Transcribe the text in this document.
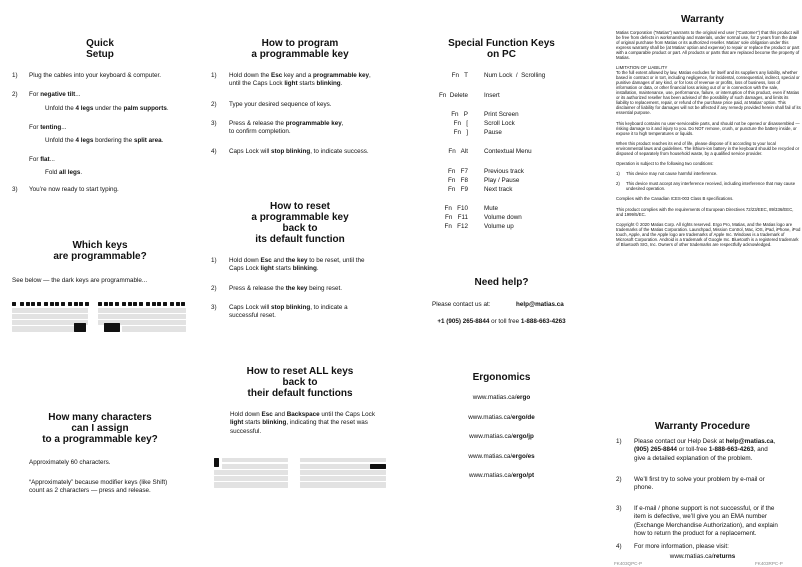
Quick
Setup
1) Plug the cables into your keyboard & computer.
2) For negative tilt...
Unfold the 4 legs under the palm supports.
For tenting...
Unfold the 4 legs bordering the split area.
For flat...
Fold all legs.
3) You’re now ready to start typing.
Which keys
are programmable?
See below — the dark keys are programmable...
How many characters
can I assign
to a programmable key?
Approximately 60 characters.
“Approximately” because modifier keys (like Shift)
count as 2 characters — press and release.
How to program
a programmable key
1) Hold down the Esc key and a programmable key,
until the Caps Lock light starts blinking.
2) Type your desired sequence of keys.
3) Press & release the programmable key,
to confirm completion.
4) Caps Lock will stop blinking, to indicate success.
How to reset
a programmable key
back to
its default function
1) Hold down Esc and the key to be reset, until the
Caps Lock light starts blinking.
2) Press & release the the key being reset.
3) Caps Lock will stop blinking, to indicate a
successful reset.
How to reset ALL keys
back to
their default functions
Hold down Esc and Backspace until the Caps Lock
light starts blinking, indicating that the reset was
successful.
Special Function Keys
on PC
Fn   T	Num Lock  /  Scrolling
Fn  Delete	Insert
Fn   P	Print Screen
Fn   [	Scroll Lock
Fn   ]	Pause
Fn   Alt	Contextual Menu
Fn   F7	Previous track
Fn   F8	Play / Pause
Fn   F9	Next track
Fn   F10	Mute
Fn   F11	Volume down
Fn   F12	Volume up
Need help?
Please contact us at:	help@matias.ca
+1 (905) 265-8844 or toll free 1-888-663-4263
Ergonomics
www.matias.ca/ergo
www.matias.ca/ergo/de
www.matias.ca/ergo/jp
www.matias.ca/ergo/es
www.matias.ca/ergo/pt
Warranty
Matias Corporation (“Matias”) warrants to the original end user (“Customer”) that this product will be free from defects in workmanship and materials, under normal use, for 2 years from the date of original purchase from Matias or its authorized reseller. Matias’ sole obligation under this express warranty shall be (at Matias’ option and expense) to repair or replace the product or part with a comparable product or part. All products or parts that are replaced become the property of Matias.
LIMITATION OF LIABILITY
To the full extent allowed by law, Matias excludes for itself and its suppliers any liability, whether based in contract or in tort, including negligence, for incidental, consequential, indirect, special or punitive damages of any kind, or for loss of revenue or profits, loss of business, loss of information or data, or other financial loss arising out of or in connection with the sale, installation, maintenance, use, performance, failure, or interruption of this product, even if Matias or its authorized reseller has been advised of the possibility of such damages, and limits its liability to replacement, repair, or refund of the purchase price paid, at Matias’ option. This disclaimer of liability for damages will not be affected if any remedy provided herein shall fail of its essential purpose.
This keyboard contains no user-serviceable parts, and should not be opened or disassembled — risking damage to it and injury to you. Do NOT remove, crush, or puncture the battery inside, or expose it to high temperatures or liquids.
When this product reaches its end of life, please dispose of it according to your local environmental laws and guidelines. The lithium-ion battery in the keyboard should be recycled or disposed of separately from household waste, by a qualified service provider.
Operation is subject to the following two conditions:
1) This device may not cause harmful interference.
2) This device must accept any interference received, including interference that may cause undesired operation.
Complies with the Canadian ICES-003 Class B specifications.
This product complies with the requirements of European Directives 72/23/EEC, 89/336/EEC, and 1999/5/EC.
Copyright © 2020 Matias Corp. All rights reserved. Ergo Pro, Matias, and the Matias logo are trademarks of the Matias Corporation. Launchpad, Mission Control, Mac, iOS, iPad, iPhone, iPod touch, Apple, and the Apple logo are trademarks of Apple Inc. Windows is a trademark of Microsoft Corporation. Android is a trademark of Google Inc. Bluetooth is a registered trademark of Bluetooth SIG, Inc. Owners of other trademarks are respectfully acknowledged.
Warranty Procedure
1) Please contact our Help Desk at help@matias.ca,
(905) 265-8844 or toll-free 1-888-663-4263, and
give a detailed explanation of the problem.
2) We’ll first try to solve your problem by e-mail or
phone.
3) If e-mail / phone support is not successful, or if the
item is defective, we’ll give you an EMA number
(Exchange Merchandise Authorization), and explain
how to return the product for a replacement.
4) For more information, please visit:
www.matias.ca/returns
FK403QPC-P	FK403RPC-P
